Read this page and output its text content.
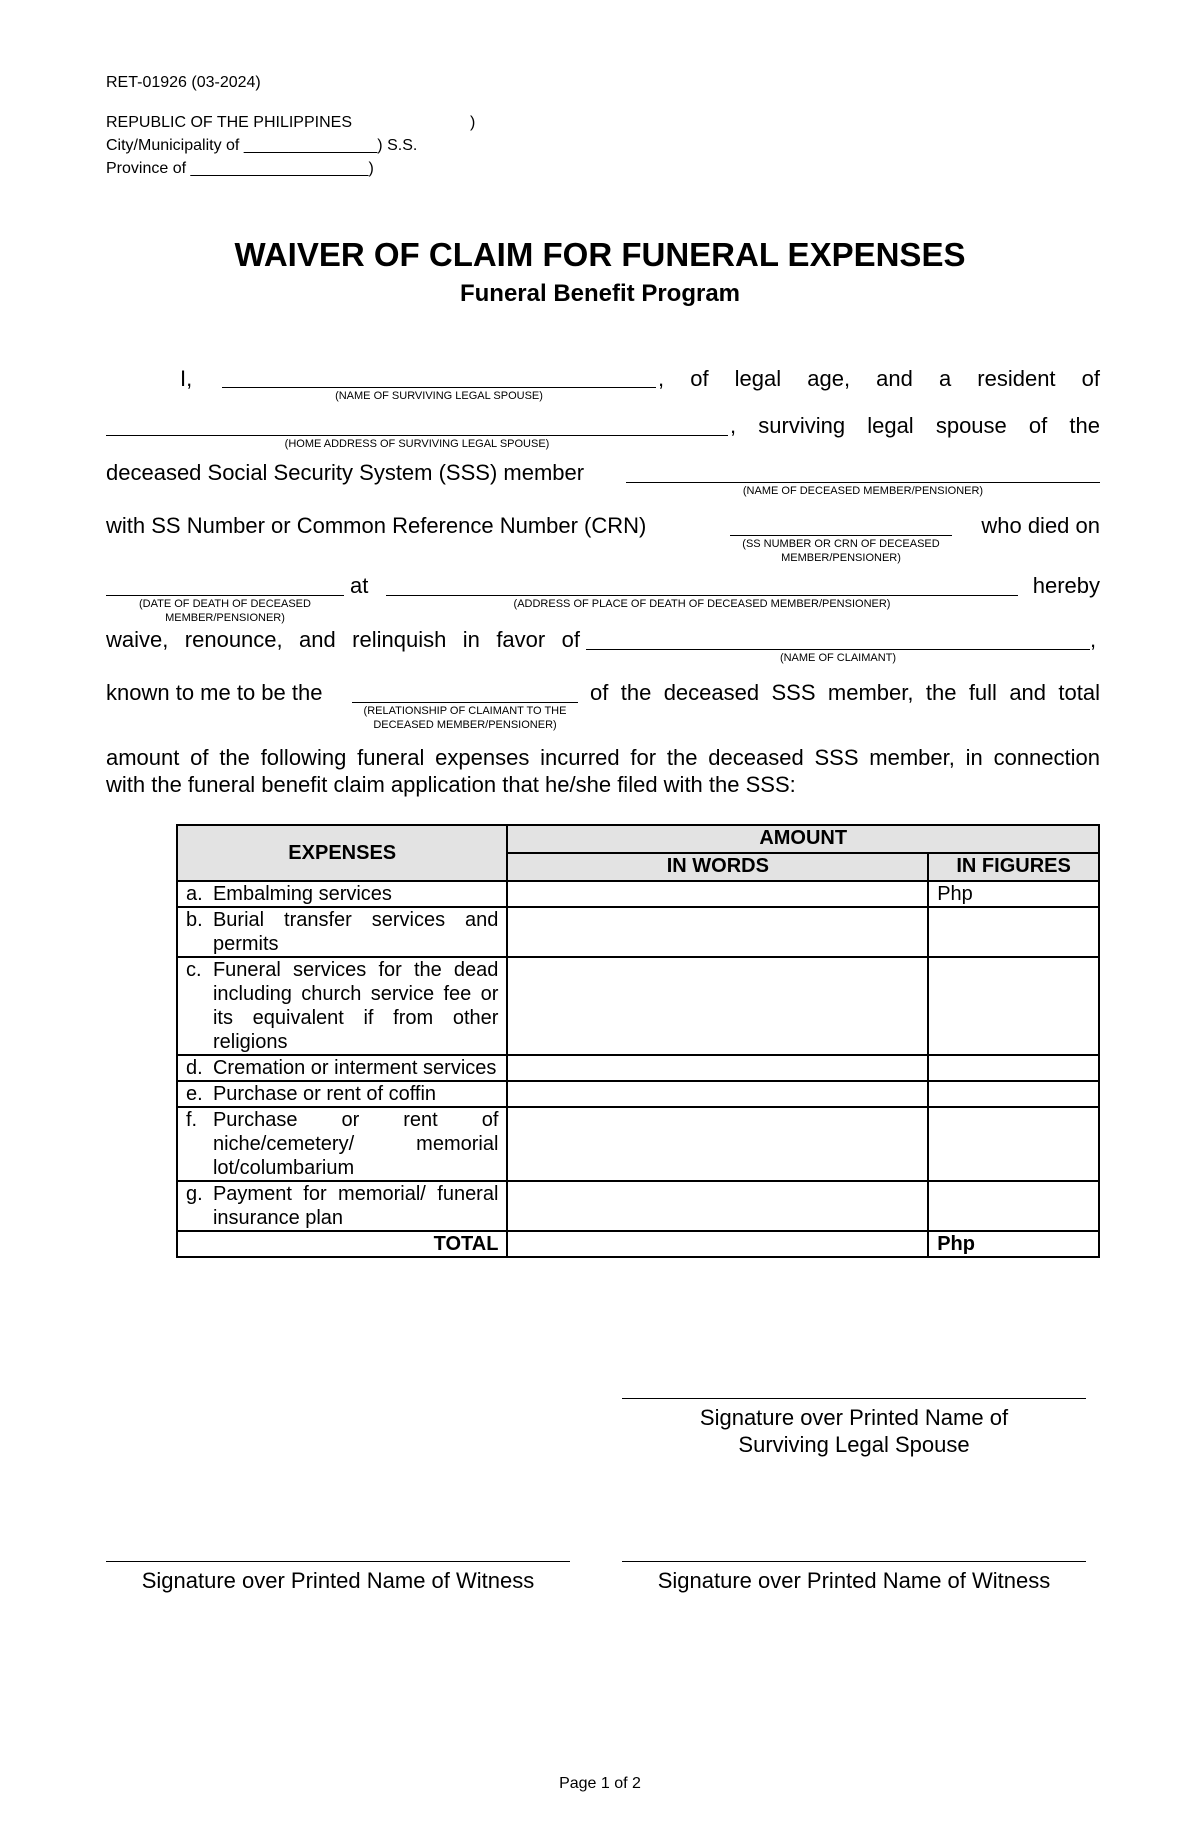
RET-01926 (03-2024)
REPUBLIC OF THE PHILIPPINES	)
City/Municipality of _______________) S.S.
Province of ____________________)
WAIVER OF CLAIM FOR FUNERAL EXPENSES
Funeral Benefit Program
I,	, of legal age, and a resident of
(NAME OF SURVIVING LEGAL SPOUSE)
, surviving legal spouse of the
(HOME ADDRESS OF SURVIVING LEGAL SPOUSE)
deceased Social Security System (SSS) member
(NAME OF DECEASED MEMBER/PENSIONER)
with SS Number or Common Reference Number (CRN)	who died on
(SS NUMBER OR CRN OF DECEASED
MEMBER/PENSIONER)
at	hereby
(DATE OF DEATH OF DECEASED
MEMBER/PENSIONER)
(ADDRESS OF PLACE OF DEATH OF DECEASED MEMBER/PENSIONER)
waive, renounce, and relinquish in favor of	,
(NAME OF CLAIMANT)
known to me to be the	of the deceased SSS member, the full and total
(RELATIONSHIP OF CLAIMANT TO THE
DECEASED MEMBER/PENSIONER)
amount of the following funeral expenses incurred for the deceased SSS member, in connection
with the funeral benefit claim application that he/she filed with the SSS:
EXPENSES		AMOUNT	
		IN WORDS	IN FIGURES
a.	Embalming services		Php
b.	Burial transfer services and permits		
c.	Funeral services for the dead including church service fee or its equivalent if from other religions		
d.	Cremation or interment services		
e.	Purchase or rent of coffin		
f.	Purchase or rent of niche/cemetery/ memorial lot/columbarium		
g.	Payment for memorial/ funeral insurance plan		
TOTAL			Php
Signature over Printed Name of
Surviving Legal Spouse
Signature over Printed Name of Witness	Signature over Printed Name of Witness
Page 1 of 2
